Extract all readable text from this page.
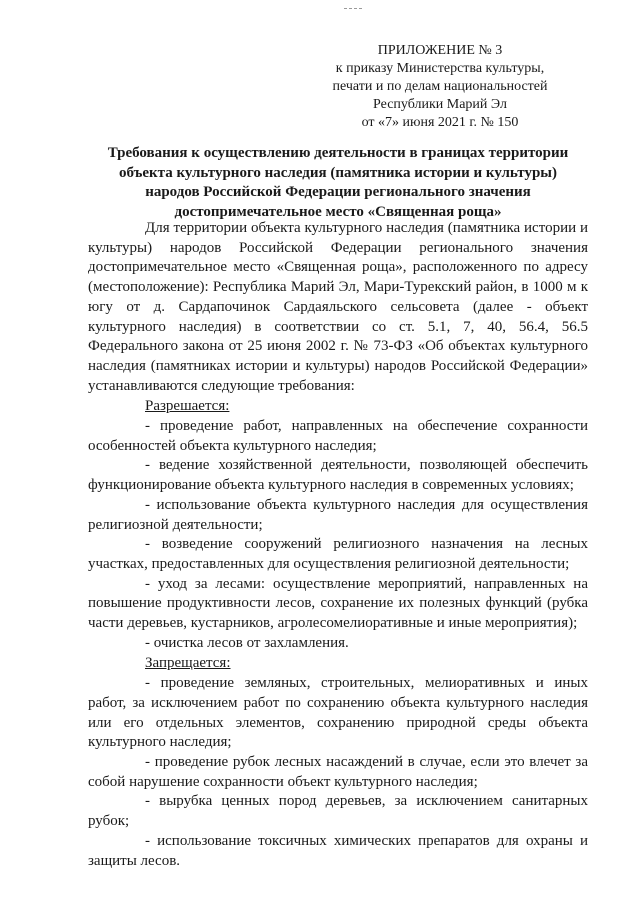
ПРИЛОЖЕНИЕ № 3
к приказу Министерства культуры,
печати и по делам национальностей
Республики Марий Эл
от «7» июня 2021 г. № 150
Требования к осуществлению деятельности в границах территории
объекта культурного наследия (памятника истории и культуры)
народов Российской Федерации регионального значения
достопримечательное место «Священная роща»

Для территории объекта культурного наследия (памятника истории и культуры) народов Российской Федерации регионального значения достопримечательное место «Священная роща», расположенного по адресу (местоположение): Республика Марий Эл, Мари-Турекский район, в 1000 м к югу от д. Сардапочинок Сардаяльского сельсовета (далее - объект культурного наследия) в соответствии со ст. 5.1, 7, 40, 56.4, 56.5 Федерального закона от 25 июня 2002 г. № 73-ФЗ «Об объектах культурного наследия (памятниках истории и культуры) народов Российской Федерации» устанавливаются следующие требования:

Разрешается:

- проведение работ, направленных на обеспечение сохранности особенностей объекта культурного наследия;

- ведение хозяйственной деятельности, позволяющей обеспечить функционирование объекта культурного наследия в современных условиях;

- использование объекта культурного наследия для осуществления религиозной деятельности;

- возведение сооружений религиозного назначения на лесных участках, предоставленных для осуществления религиозной деятельности;

- уход за лесами: осуществление мероприятий, направленных на повышение продуктивности лесов, сохранение их полезных функций (рубка части деревьев, кустарников, агролесомелиоративные и иные мероприятия);

- очистка лесов от захламления.

Запрещается:

- проведение земляных, строительных, мелиоративных и иных работ, за исключением работ по сохранению объекта культурного наследия или его отдельных элементов, сохранению природной среды объекта культурного наследия;

- проведение рубок лесных насаждений в случае, если это влечет за собой нарушение сохранности объект культурного наследия;

- вырубка ценных пород деревьев, за исключением санитарных рубок;

- использование токсичных химических препаратов для охраны и защиты лесов.
